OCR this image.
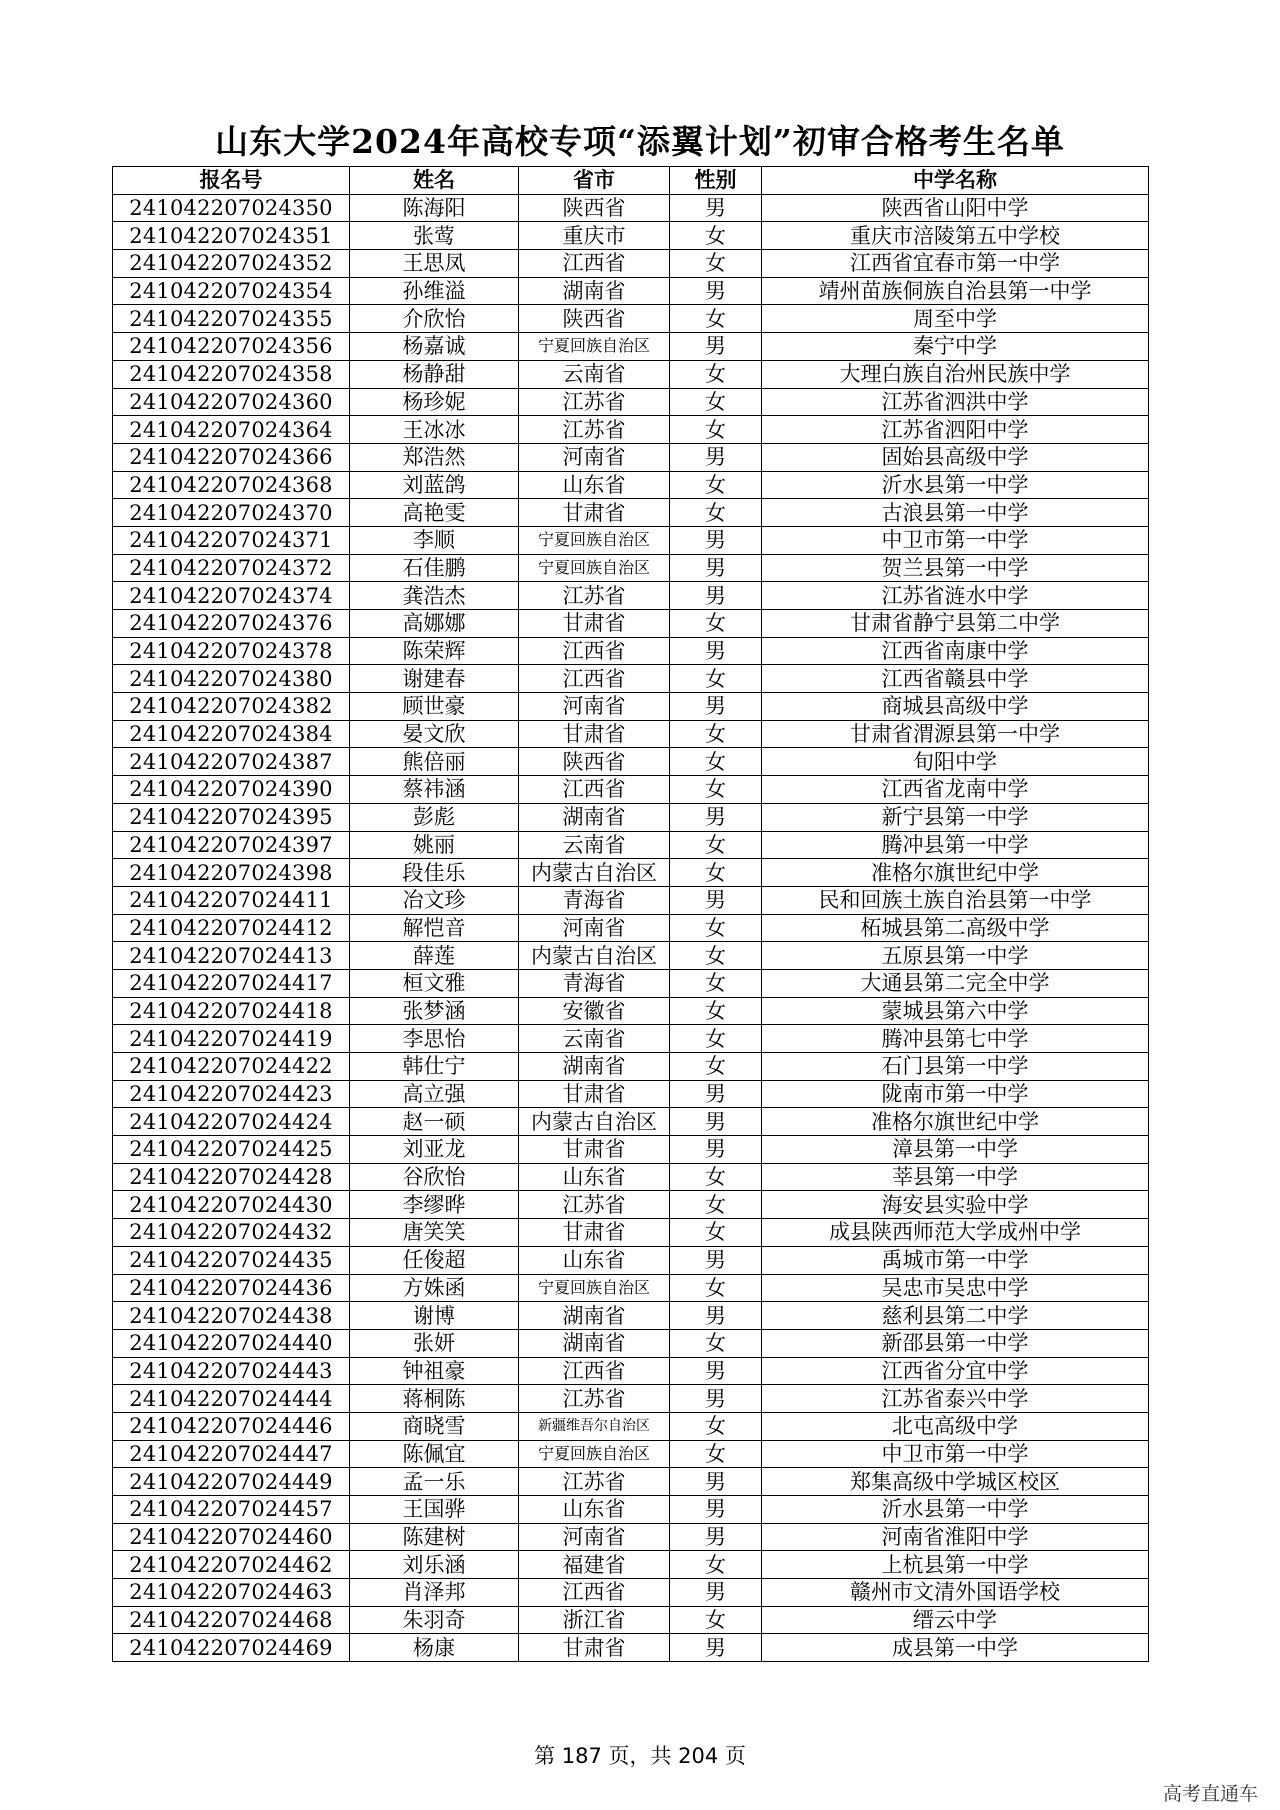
山东大学2024年高校专项“添翼计划”初审合格考生名单
报名号	姓名	省市	性别	中学名称
241042207024350	陈海阳	陕西省	男	陕西省山阳中学
241042207024351	张莺	重庆市	女	重庆市涪陵第五中学校
241042207024352	王思凤	江西省	女	江西省宜春市第一中学
241042207024354	孙维溢	湖南省	男	靖州苗族侗族自治县第一中学
241042207024355	介欣怡	陕西省	女	周至中学
241042207024356	杨嘉诚	宁夏回族自治区	男	秦宁中学
241042207024358	杨静甜	云南省	女	大理白族自治州民族中学
241042207024360	杨珍妮	江苏省	女	江苏省泗洪中学
241042207024364	王冰冰	江苏省	女	江苏省泗阳中学
241042207024366	郑浩然	河南省	男	固始县高级中学
241042207024368	刘蓝鸽	山东省	女	沂水县第一中学
241042207024370	高艳雯	甘肃省	女	古浪县第一中学
241042207024371	李顺	宁夏回族自治区	男	中卫市第一中学
241042207024372	石佳鹏	宁夏回族自治区	男	贺兰县第一中学
241042207024374	龚浩杰	江苏省	男	江苏省涟水中学
241042207024376	高娜娜	甘肃省	女	甘肃省静宁县第二中学
241042207024378	陈荣辉	江西省	男	江西省南康中学
241042207024380	谢建春	江西省	女	江西省赣县中学
241042207024382	顾世豪	河南省	男	商城县高级中学
241042207024384	晏文欣	甘肃省	女	甘肃省渭源县第一中学
241042207024387	熊倍丽	陕西省	女	旬阳中学
241042207024390	蔡祎涵	江西省	女	江西省龙南中学
241042207024395	彭彪	湖南省	男	新宁县第一中学
241042207024397	姚丽	云南省	女	腾冲县第一中学
241042207024398	段佳乐	内蒙古自治区	女	准格尔旗世纪中学
241042207024411	冶文珍	青海省	男	民和回族土族自治县第一中学
241042207024412	解恺音	河南省	女	柘城县第二高级中学
241042207024413	薛莲	内蒙古自治区	女	五原县第一中学
241042207024417	桓文雅	青海省	女	大通县第二完全中学
241042207024418	张梦涵	安徽省	女	蒙城县第六中学
241042207024419	李思怡	云南省	女	腾冲县第七中学
241042207024422	韩仕宁	湖南省	女	石门县第一中学
241042207024423	高立强	甘肃省	男	陇南市第一中学
241042207024424	赵一硕	内蒙古自治区	男	准格尔旗世纪中学
241042207024425	刘亚龙	甘肃省	男	漳县第一中学
241042207024428	谷欣怡	山东省	女	莘县第一中学
241042207024430	李缪晔	江苏省	女	海安县实验中学
241042207024432	唐笑笑	甘肃省	女	成县陕西师范大学成州中学
241042207024435	任俊超	山东省	男	禹城市第一中学
241042207024436	方姝函	宁夏回族自治区	女	吴忠市吴忠中学
241042207024438	谢博	湖南省	男	慈利县第二中学
241042207024440	张妍	湖南省	女	新邵县第一中学
241042207024443	钟祖豪	江西省	男	江西省分宜中学
241042207024444	蒋桐陈	江苏省	男	江苏省泰兴中学
241042207024446	商晓雪	新疆维吾尔自治区	女	北屯高级中学
241042207024447	陈佩宜	宁夏回族自治区	女	中卫市第一中学
241042207024449	孟一乐	江苏省	男	郑集高级中学城区校区
241042207024457	王国骅	山东省	男	沂水县第一中学
241042207024460	陈建树	河南省	男	河南省淮阳中学
241042207024462	刘乐涵	福建省	女	上杭县第一中学
241042207024463	肖泽邦	江西省	男	赣州市文清外国语学校
241042207024468	朱羽奇	浙江省	女	缙云中学
241042207024469	杨康	甘肃省	男	成县第一中学
第 187 页，共 204 页
高考直通车
